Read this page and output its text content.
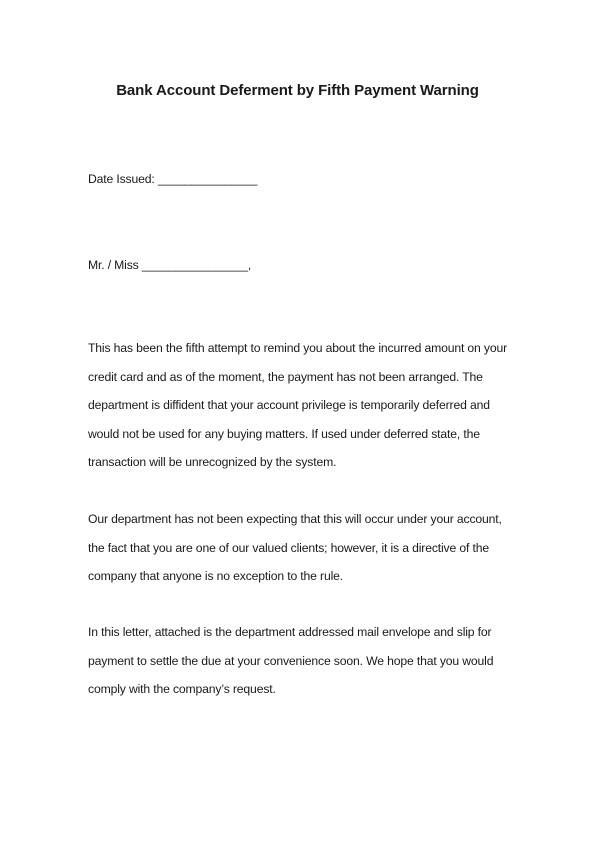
Bank Account Deferment by Fifth Payment Warning
Date Issued: _______________
Mr. / Miss ________________,
This has been the fifth attempt to remind you about the incurred amount on your
credit card and as of the moment, the payment has not been arranged. The
department is diffident that your account privilege is temporarily deferred and
would not be used for any buying matters. If used under deferred state, the
transaction will be unrecognized by the system.
Our department has not been expecting that this will occur under your account,
the fact that you are one of our valued clients; however, it is a directive of the
company that anyone is no exception to the rule.
In this letter, attached is the department addressed mail envelope and slip for
payment to settle the due at your convenience soon. We hope that you would
comply with the company’s request.
